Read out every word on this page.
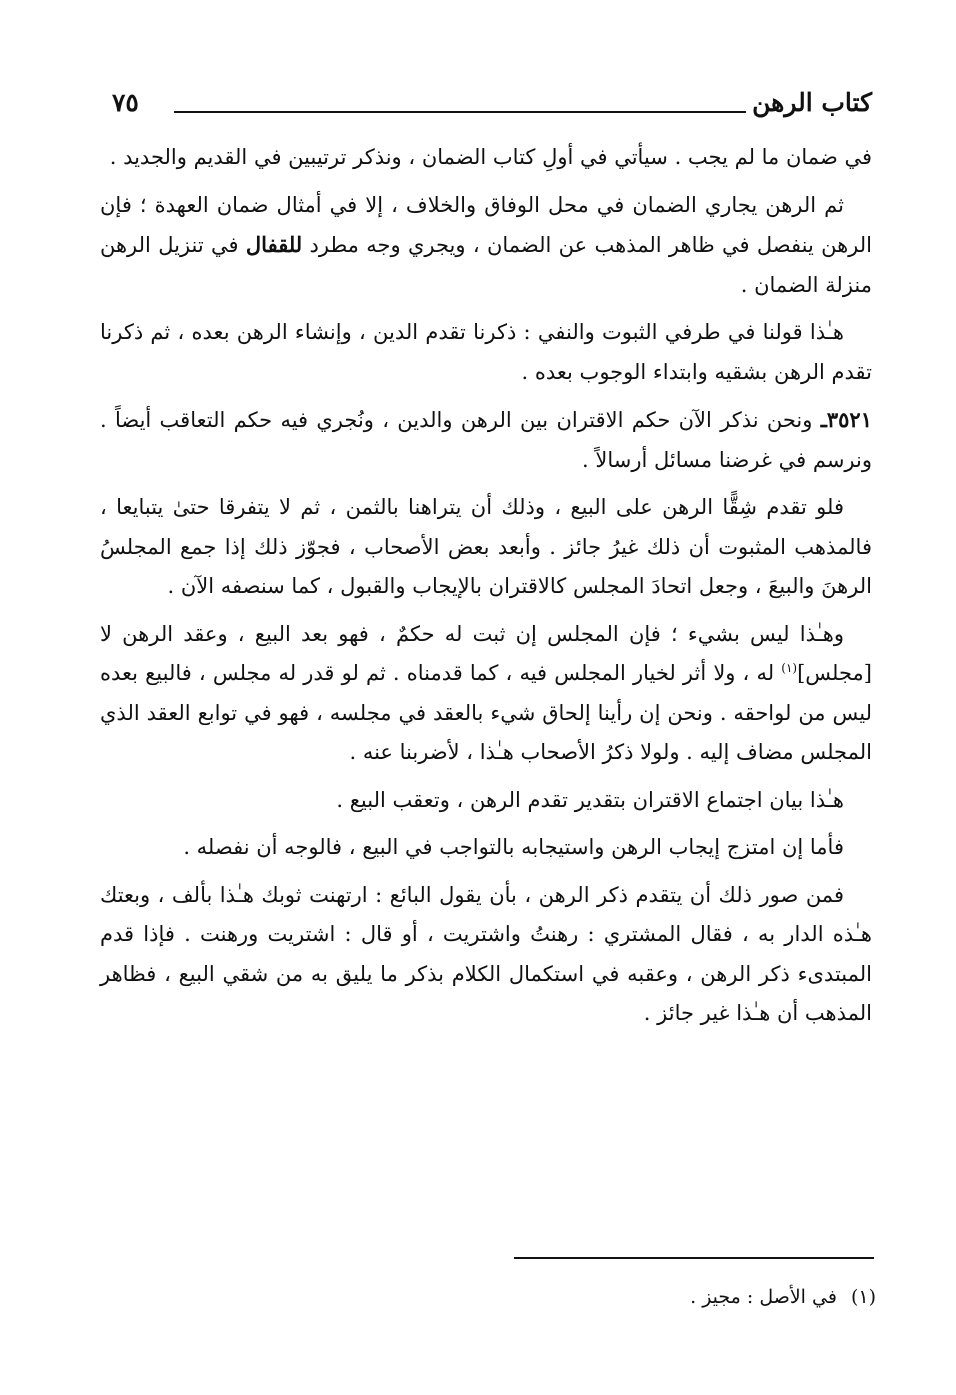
كتاب الرهن
٧٥

في ضمان ما لم يجب . سيأتي في أولِ كتاب الضمان ، ونذكر ترتيبين في القديم والجديد .

ثم الرهن يجاري الضمان في محل الوفاق والخلاف ، إلا في أمثال ضمان العهدة ؛ فإن الرهن ينفصل في ظاهر المذهب عن الضمان ، ويجري وجه مطرد للقفال في تنزيل الرهن منزلة الضمان .

هـٰذا قولنا في طرفي الثبوت والنفي : ذكرنا تقدم الدين ، وإنشاء الرهن بعده ، ثم ذكرنا تقدم الرهن بشقيه وابتداء الوجوب بعده .

٣٥٢١ـ ونحن نذكر الآن حكم الاقتران بين الرهن والدين ، ونُجري فيه حكم التعاقب أيضاً . ونرسم في غرضنا مسائل أرسالاً .

فلو تقدم شِقًّا الرهن على البيع ، وذلك أن يتراهنا بالثمن ، ثم لا يتفرقا حتىٰ يتبايعا ، فالمذهب المثبوت أن ذلك غيرُ جائز . وأبعد بعض الأصحاب ، فجوّز ذلك إذا جمع المجلسُ الرهنَ والبيعَ ، وجعل اتحادَ المجلس كالاقتران بالإيجاب والقبول ، كما سنصفه الآن .

وهـٰذا ليس بشيء ؛ فإن المجلس إن ثبت له حكمٌ ، فهو بعد البيع ، وعقد الرهن لا [مجلس]$^{(١)}$ له ، ولا أثر لخيار المجلس فيه ، كما قدمناه . ثم لو قدر له مجلس ، فالبيع بعده ليس من لواحقه . ونحن إن رأينا إلحاق شيء بالعقد في مجلسه ، فهو في توابع العقد الذي المجلس مضاف إليه . ولولا ذكرُ الأصحاب هـٰذا ، لأضربنا عنه .

هـٰذا بيان اجتماع الاقتران بتقدير تقدم الرهن ، وتعقب البيع .

فأما إن امتزج إيجاب الرهن واستيجابه بالتواجب في البيع ، فالوجه أن نفصله .

فمن صور ذلك أن يتقدم ذكر الرهن ، بأن يقول البائع : ارتهنت ثوبك هـٰذا بألف ، وبعتك هـٰذه الدار به ، فقال المشتري : رهنتُ واشتريت ، أو قال : اشتريت ورهنت . فإذا قدم المبتدىء ذكر الرهن ، وعقبه في استكمال الكلام بذكر ما يليق به من شقي البيع ، فظاهر المذهب أن هـٰذا غير جائز .

(١)في الأصل : مجيز .
